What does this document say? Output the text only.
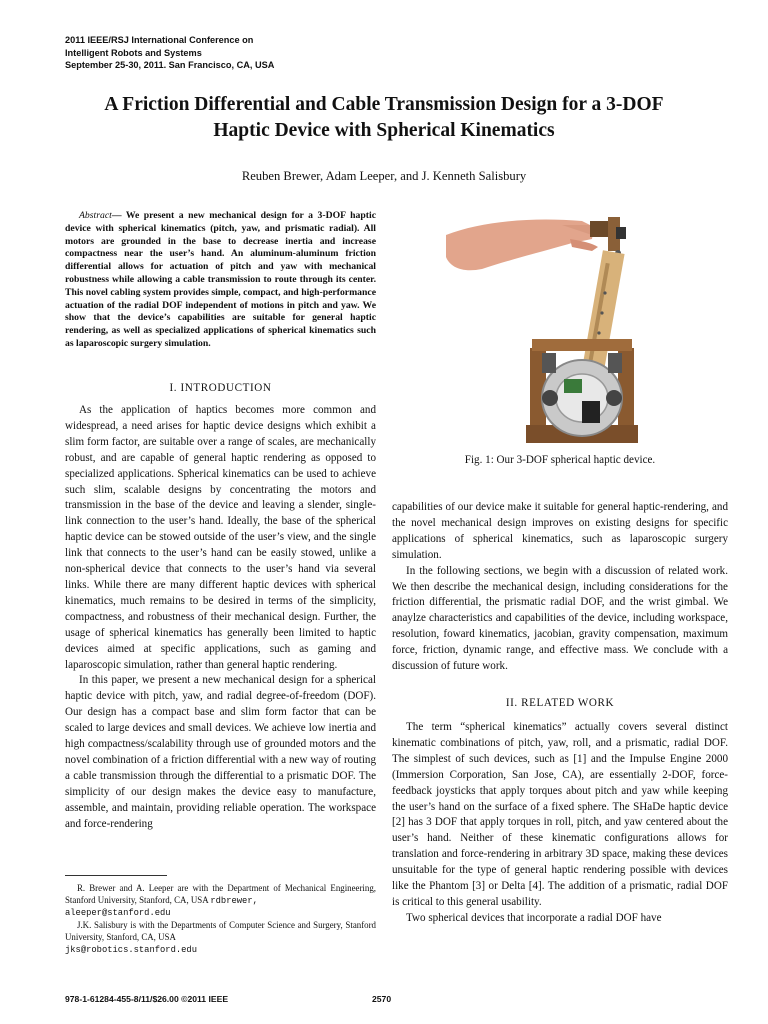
2011 IEEE/RSJ International Conference on
Intelligent Robots and Systems
September 25-30, 2011. San Francisco, CA, USA
A Friction Differential and Cable Transmission Design for a 3-DOF
Haptic Device with Spherical Kinematics
Reuben Brewer, Adam Leeper, and J. Kenneth Salisbury
Abstract— We present a new mechanical design for a 3-DOF haptic device with spherical kinematics (pitch, yaw, and prismatic radial). All motors are grounded in the base to decrease inertia and increase compactness near the user’s hand. An aluminum-aluminum friction differential allows for actuation of pitch and yaw with mechanical robustness while allowing a cable transmission to route through its center. This novel cabling system provides simple, compact, and high-performance actuation of the radial DOF independent of motions in pitch and yaw. We show that the device’s capabilities are suitable for general haptic rendering, as well as specialized applications of spherical kinematics such as laparoscopic surgery simulation.
I. INTRODUCTION

As the application of haptics becomes more common and widespread, a need arises for haptic device designs which exhibit a slim form factor, are suitable over a range of scales, are mechanically robust, and are capable of general haptic rendering as opposed to specialized applications. Spherical kinematics can be used to achieve such slim, scalable designs by concentrating the motors and transmission in the base of the device and leaving a slender, single-link connection to the user’s hand. Ideally, the base of the spherical haptic device can be stowed outside of the user’s view, and the single link that connects to the user’s hand can be easily stowed, unlike a non-spherical device that connects to the user’s hand via several links. While there are many different haptic devices with spherical kinematics, much remains to be desired in terms of the simplicity, compactness, and robustness of their mechanical design. Further, the usage of spherical kinematics has generally been limited to haptic devices aimed at specific applications, such as gaming and laparoscopic simulation, rather than general haptic rendering.

In this paper, we present a new mechanical design for a spherical haptic device with pitch, yaw, and radial degree-of-freedom (DOF). Our design has a compact base and slim form factor that can be scaled to large devices and small devices. We achieve low inertia and high compactness/scalability through use of grounded motors and the novel combination of a friction differential with a new way of routing a cable transmission through the differential to a prismatic DOF. The simplicity of our design makes the device easy to manufacture, assemble, and maintain, providing reliable operation. The workspace and force-rendering

R. Brewer and A. Leeper are with the Department of Mechanical Engineering, Stanford University, Stanford, CA, USA rdbrewer,
aleeper@stanford.edu

J.K. Salisbury is with the Departments of Computer Science and Surgery, Stanford University, Stanford, CA, USA
jks@robotics.stanford.edu

Fig. 1: Our 3-DOF spherical haptic device.

capabilities of our device make it suitable for general haptic-rendering, and the novel mechanical design improves on existing designs for specific applications of spherical kinematics, such as laparoscopic surgery simulation.

In the following sections, we begin with a discussion of related work. We then describe the mechanical design, including considerations for the friction differential, the prismatic radial DOF, and the wrist gimbal. We anaylze characteristics and capabilities of the device, including workspace, resolution, foward kinematics, jacobian, gravity compensation, maximum force, friction, dynamic range, and effective mass. We conclude with a discussion of future work.

II. RELATED WORK

The term “spherical kinematics” actually covers several distinct kinematic combinations of pitch, yaw, roll, and a prismatic, radial DOF. The simplest of such devices, such as [1] and the Impulse Engine 2000 (Immersion Corporation, San Jose, CA), are essentially 2-DOF, force-feedback joysticks that apply torques about pitch and yaw while keeping the user’s hand on the surface of a fixed sphere. The SHaDe haptic device [2] has 3 DOF that apply torques in roll, pitch, and yaw centered about the user’s hand. Neither of these kinematic configurations allows for translation and force-rendering in arbitrary 3D space, making these devices unsuitable for the type of general haptic rendering possible with devices like the Phantom [3] or Delta [4]. The addition of a prismatic, radial DOF is critical to this general usability.

Two spherical devices that incorporate a radial DOF have

978-1-61284-455-8/11/$26.00 ©2011 IEEE	2570
